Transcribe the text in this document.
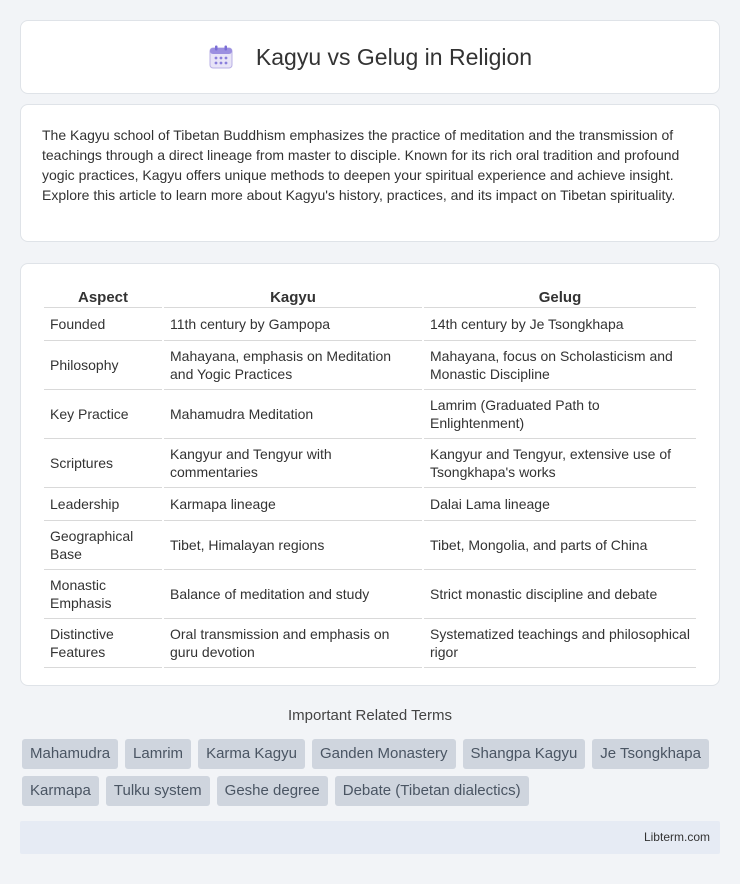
Kagyu vs Gelug in Religion

The Kagyu school of Tibetan Buddhism emphasizes the practice of meditation and the transmission of teachings through a direct lineage from master to disciple. Known for its rich oral tradition and profound yogic practices, Kagyu offers unique methods to deepen your spiritual experience and achieve insight. Explore this article to learn more about Kagyu's history, practices, and its impact on Tibetan spirituality.

Aspect	Kagyu	Gelug
Founded	11th century by Gampopa	14th century by Je Tsongkhapa
Philosophy	Mahayana, emphasis on Meditation and Yogic Practices	Mahayana, focus on Scholasticism and Monastic Discipline
Key Practice	Mahamudra Meditation	Lamrim (Graduated Path to Enlightenment)
Scriptures	Kangyur and Tengyur with commentaries	Kangyur and Tengyur, extensive use of Tsongkhapa's works
Leadership	Karmapa lineage	Dalai Lama lineage
Geographical Base	Tibet, Himalayan regions	Tibet, Mongolia, and parts of China
Monastic Emphasis	Balance of meditation and study	Strict monastic discipline and debate
Distinctive Features	Oral transmission and emphasis on guru devotion	Systematized teachings and philosophical rigor
Important Related Terms
Mahamudra	Lamrim	Karma Kagyu	Ganden Monastery	Shangpa Kagyu	Je Tsongkhapa
Karmapa	Tulku system	Geshe degree	Debate (Tibetan dialectics)
Libterm.com
